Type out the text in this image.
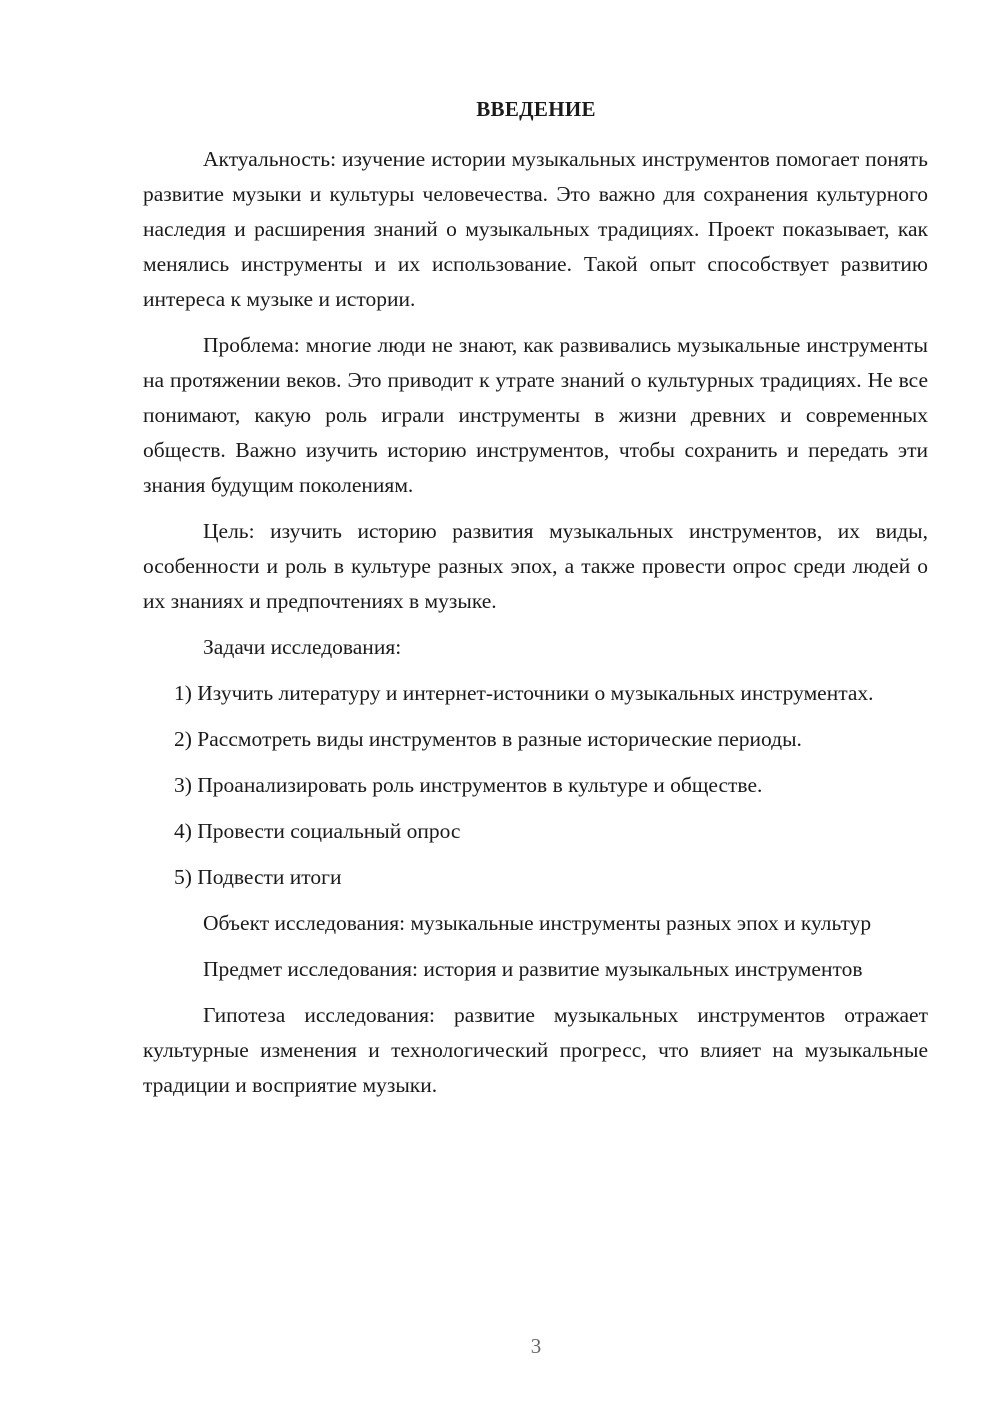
ВВЕДЕНИЕ

Актуальность: изучение истории музыкальных инструментов помогает понять развитие музыки и культуры человечества. Это важно для сохранения культурного наследия и расширения знаний о музыкальных традициях. Проект показывает, как менялись инструменты и их использование. Такой опыт способствует развитию интереса к музыке и истории.

Проблема: многие люди не знают, как развивались музыкальные инструменты на протяжении веков. Это приводит к утрате знаний о культурных традициях. Не все понимают, какую роль играли инструменты в жизни древних и современных обществ. Важно изучить историю инструментов, чтобы сохранить и передать эти знания будущим поколениям.

Цель: изучить историю развития музыкальных инструментов, их виды, особенности и роль в культуре разных эпох, а также провести опрос среди людей о их знаниях и предпочтениях в музыке.

Задачи исследования:

1) Изучить литературу и интернет-источники о музыкальных инструментах.

2) Рассмотреть виды инструментов в разные исторические периоды.

3) Проанализировать роль инструментов в культуре и обществе.

4) Провести социальный опрос

5) Подвести итоги

Объект исследования: музыкальные инструменты разных эпох и культур

Предмет исследования: история и развитие музыкальных инструментов

Гипотеза исследования: развитие музыкальных инструментов отражает культурные изменения и технологический прогресс, что влияет на музыкальные традиции и восприятие музыки.

3
